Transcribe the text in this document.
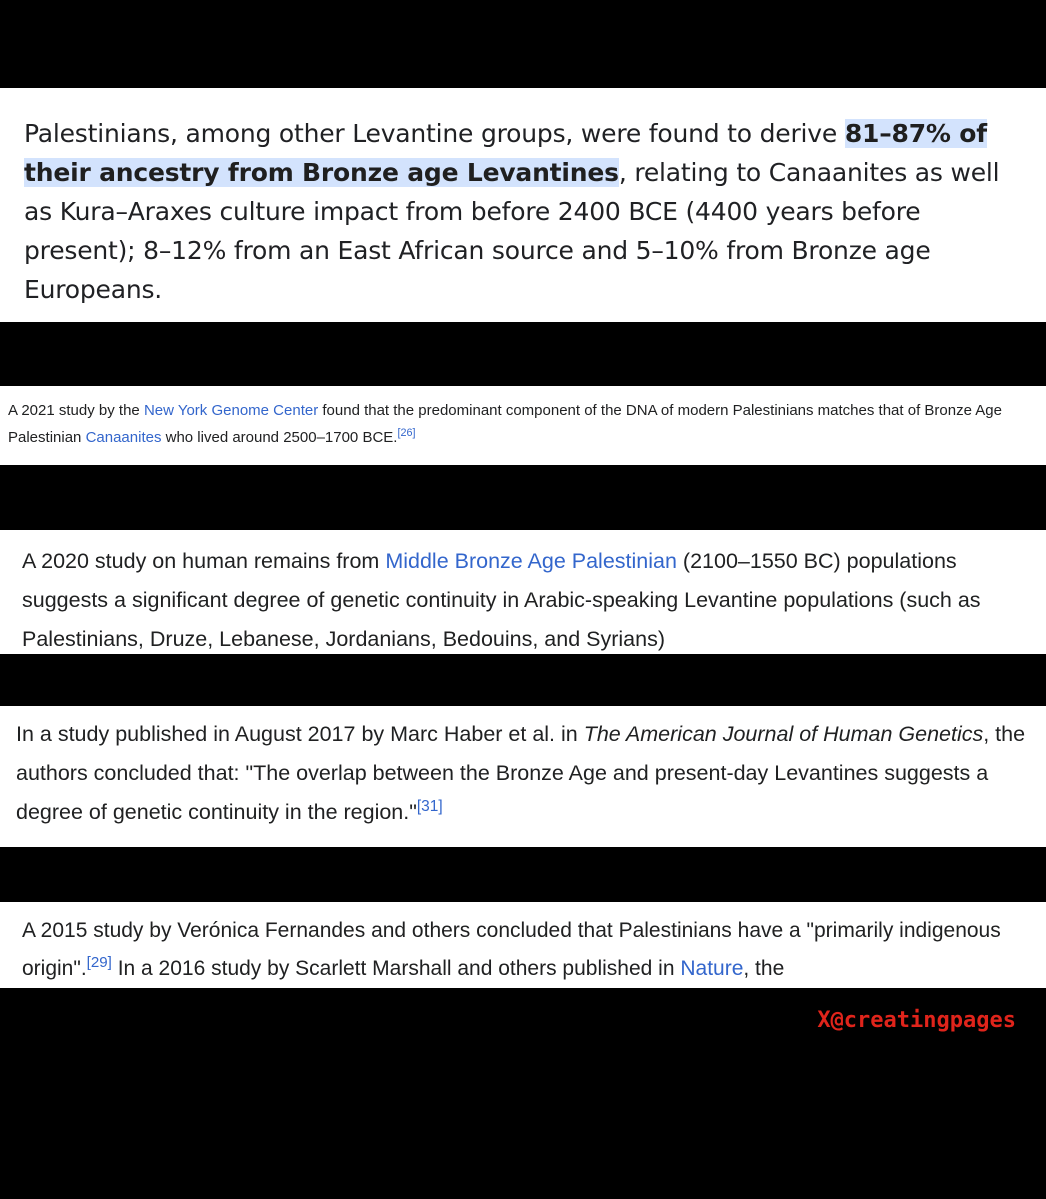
Palestinians, among other Levantine groups, were found to derive 81–87% of their ancestry from Bronze age Levantines, relating to Canaanites as well as Kura–Araxes culture impact from before 2400 BCE (4400 years before present); 8–12% from an East African source and 5–10% from Bronze age Europeans.
A 2021 study by the New York Genome Center found that the predominant component of the DNA of modern Palestinians matches that of Bronze Age Palestinian Canaanites who lived around 2500–1700 BCE.[26]
A 2020 study on human remains from Middle Bronze Age Palestinian (2100–1550 BC) populations suggests a significant degree of genetic continuity in Arabic-speaking Levantine populations (such as Palestinians, Druze, Lebanese, Jordanians, Bedouins, and Syrians)
In a study published in August 2017 by Marc Haber et al. in The American Journal of Human Genetics, the authors concluded that: "The overlap between the Bronze Age and present-day Levantines suggests a degree of genetic continuity in the region."[31]
A 2015 study by Verónica Fernandes and others concluded that Palestinians have a "primarily indigenous origin".[29] In a 2016 study by Scarlett Marshall and others published in Nature, the
X@creatingpages
